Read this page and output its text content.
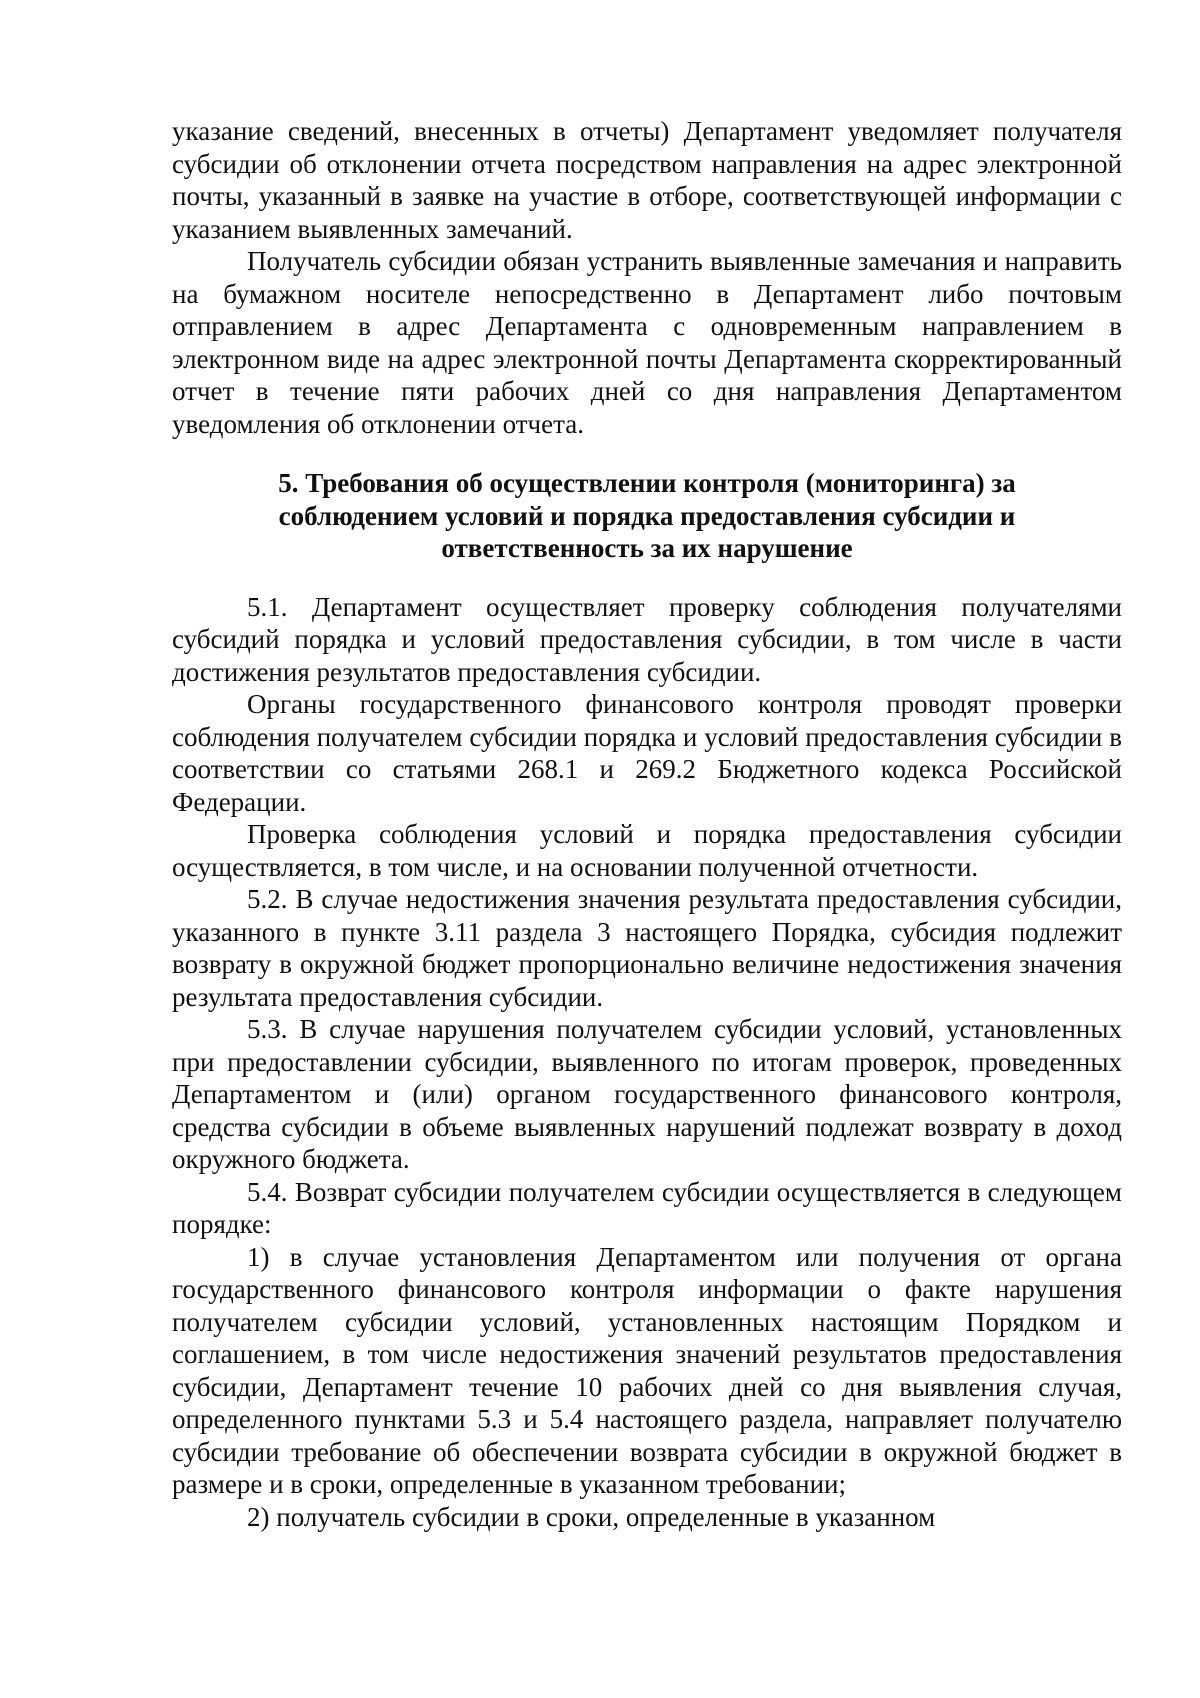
указание сведений, внесенных в отчеты) Департамент уведомляет получателя субсидии об отклонении отчета посредством направления на адрес электронной почты, указанный в заявке на участие в отборе, соответствующей информации с указанием выявленных замечаний.

Получатель субсидии обязан устранить выявленные замечания и направить на бумажном носителе непосредственно в Департамент либо почтовым отправлением в адрес Департамента с одновременным направлением в электронном виде на адрес электронной почты Департамента скорректированный отчет в течение пяти рабочих дней со дня направления Департаментом уведомления об отклонении отчета.

5. Требования об осуществлении контроля (мониторинга) за соблюдением условий и порядка предоставления субсидии и ответственность за их нарушение

5.1. Департамент осуществляет проверку соблюдения получателями субсидий порядка и условий предоставления субсидии, в том числе в части достижения результатов предоставления субсидии.

Органы государственного финансового контроля проводят проверки соблюдения получателем субсидии порядка и условий предоставления субсидии в соответствии со статьями 268.1 и 269.2 Бюджетного кодекса Российской Федерации.

Проверка соблюдения условий и порядка предоставления субсидии осуществляется, в том числе, и на основании полученной отчетности.

5.2. В случае недостижения значения результата предоставления субсидии, указанного в пункте 3.11 раздела 3 настоящего Порядка, субсидия подлежит возврату в окружной бюджет пропорционально величине недостижения значения результата предоставления субсидии.

5.3. В случае нарушения получателем субсидии условий, установленных при предоставлении субсидии, выявленного по итогам проверок, проведенных Департаментом и (или) органом государственного финансового контроля, средства субсидии в объеме выявленных нарушений подлежат возврату в доход окружного бюджета.

5.4. Возврат субсидии получателем субсидии осуществляется в следующем порядке:

1) в случае установления Департаментом или получения от органа государственного финансового контроля информации о факте нарушения получателем субсидии условий, установленных настоящим Порядком и соглашением, в том числе недостижения значений результатов предоставления субсидии, Департамент течение 10 рабочих дней со дня выявления случая, определенного пунктами 5.3 и 5.4 настоящего раздела, направляет получателю субсидии требование об обеспечении возврата субсидии в окружной бюджет в размере и в сроки, определенные в указанном требовании;

2) получатель субсидии в сроки, определенные в указанном
